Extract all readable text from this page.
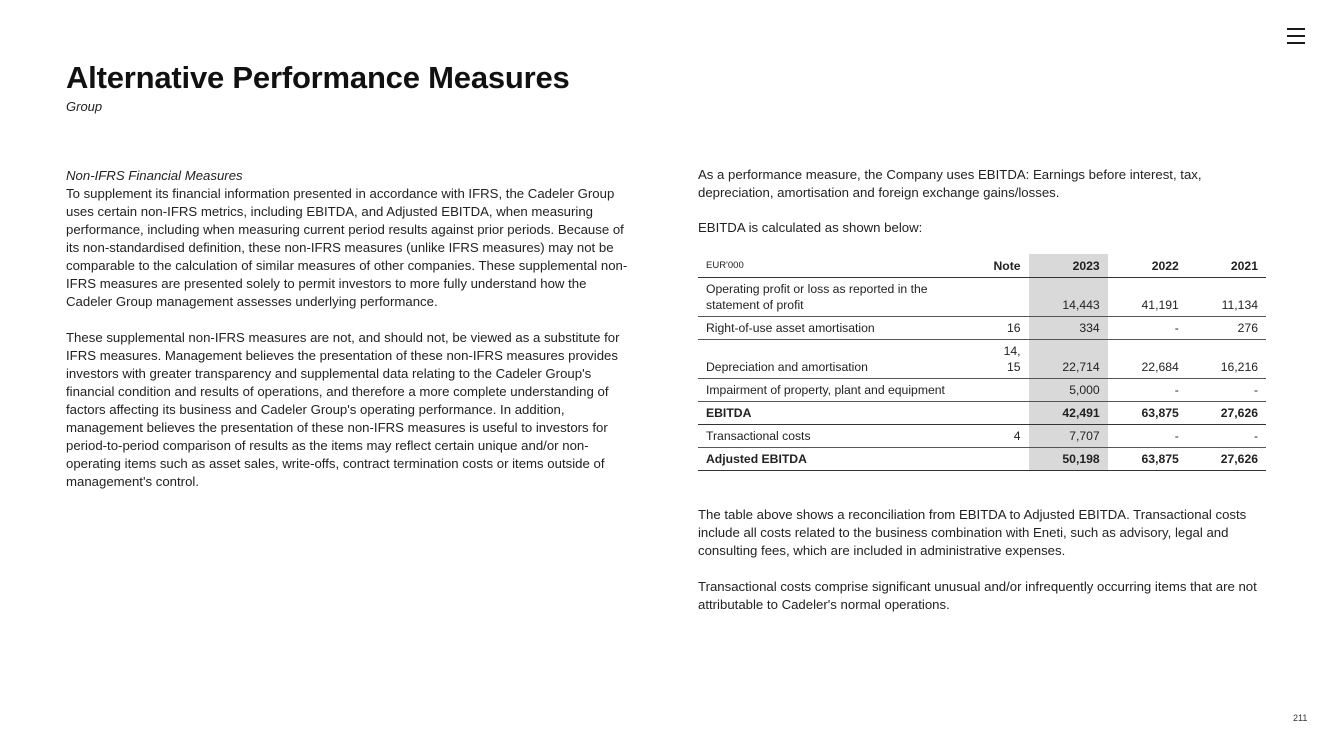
Alternative Performance Measures
Group
Non-IFRS Financial Measures

To supplement its financial information presented in accordance with IFRS, the Cadeler Group uses certain non-IFRS metrics, including EBITDA, and Adjusted EBITDA, when measuring performance, including when measuring current period results against prior periods. Because of its non-standardised definition, these non-IFRS measures (unlike IFRS measures) may not be comparable to the calculation of similar measures of other companies. These supplemental non-IFRS measures are presented solely to permit investors to more fully understand how the Cadeler Group management assesses underlying performance.

These supplemental non-IFRS measures are not, and should not, be viewed as a substitute for IFRS measures. Management believes the presentation of these non-IFRS measures provides investors with greater transparency and supplemental data relating to the Cadeler Group's financial condition and results of operations, and therefore a more complete understanding of factors affecting its business and Cadeler Group's operating performance. In addition, management believes the presentation of these non-IFRS measures is useful to investors for period-to-period comparison of results as the items may reflect certain unique and/or non-operating items such as asset sales, write-offs, contract termination costs or items outside of management's control.

As a performance measure, the Company uses EBITDA: Earnings before interest, tax, depreciation, amortisation and foreign exchange gains/losses.

EBITDA is calculated as shown below:
EUR'000	Note	2023	2022	2021
Operating profit or loss as reported in the statement of profit		14,443	41,191	11,134
Right-of-use asset amortisation	16	334	-	276
Depreciation and amortisation	14, 15	22,714	22,684	16,216
Impairment of property, plant and equipment		5,000	-	-
EBITDA		42,491	63,875	27,626
Transactional costs	4	7,707	-	-
Adjusted EBITDA		50,198	63,875	27,626

The table above shows a reconciliation from EBITDA to Adjusted EBITDA. Transactional costs include all costs related to the business combination with Eneti, such as advisory, legal and consulting fees, which are included in administrative expenses.

Transactional costs comprise significant unusual and/or infrequently occurring items that are not attributable to Cadeler's normal operations.

211
